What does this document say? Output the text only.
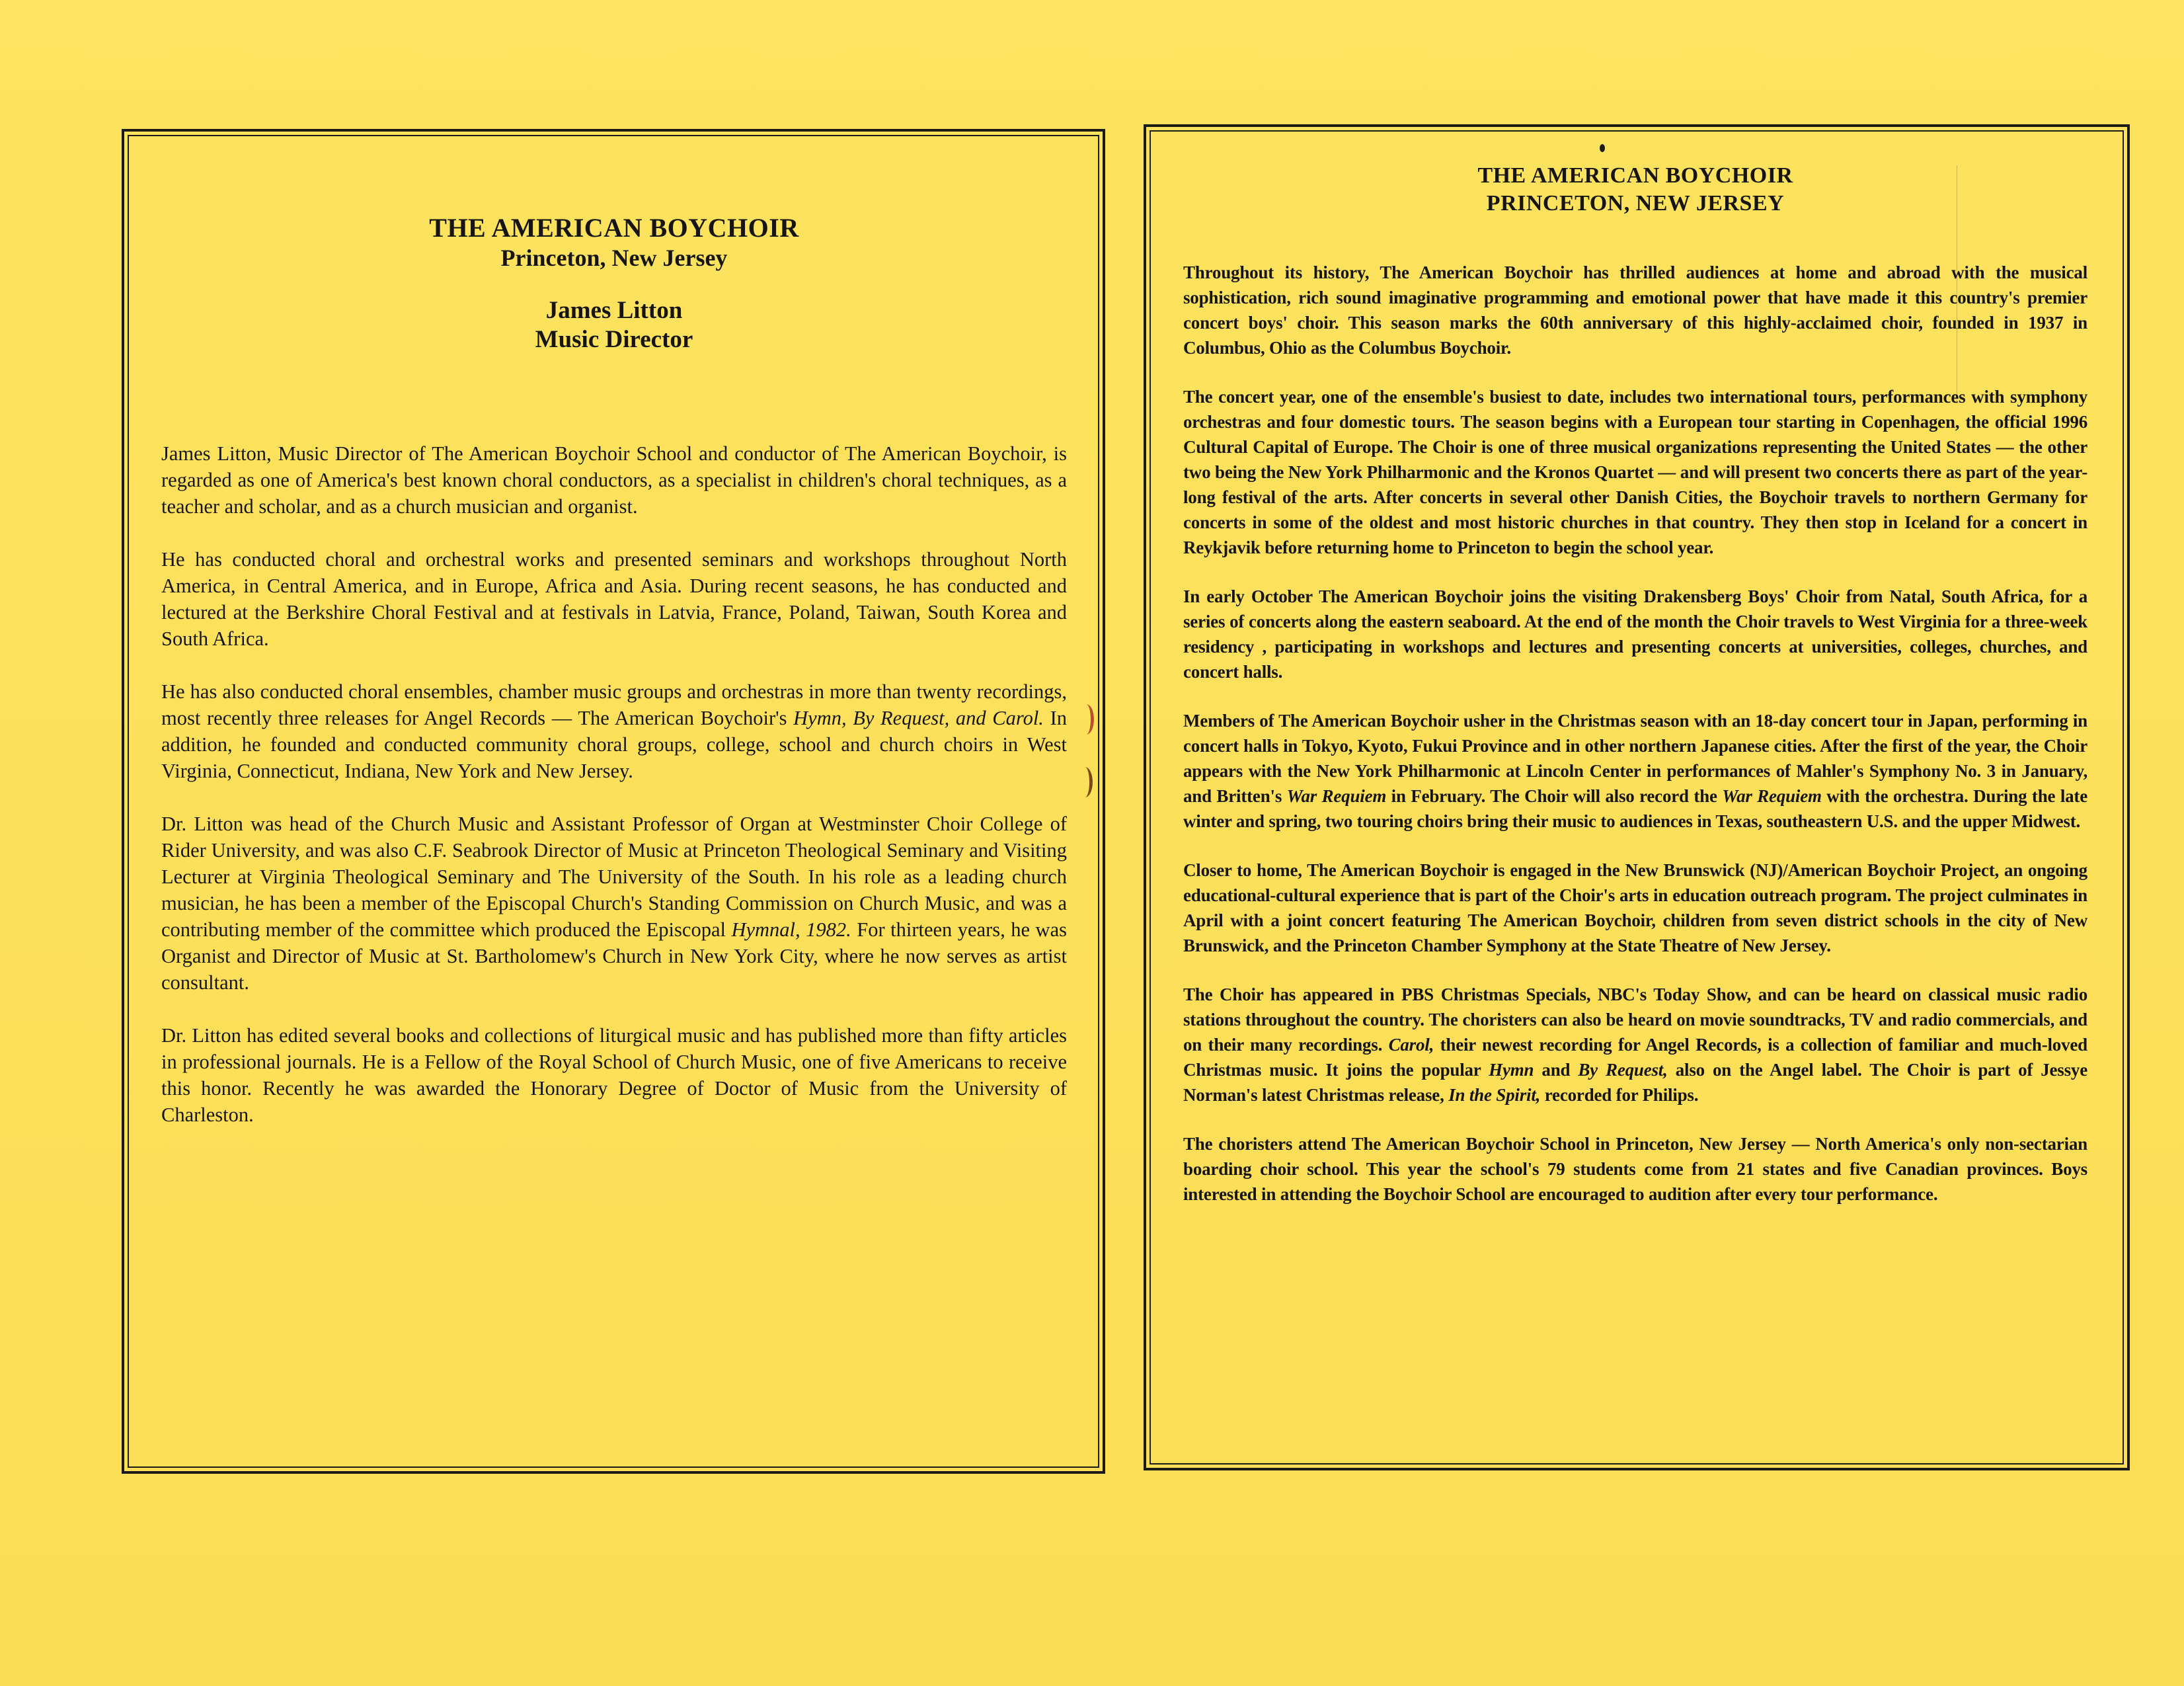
THE AMERICAN BOYCHOIR
Princeton, New Jersey
James Litton
Music Director

James Litton, Music Director of The American Boychoir School and conductor of The American Boychoir, is regarded as one of America's best known choral conductors, as a specialist in children's choral techniques, as a teacher and scholar, and as a church musician and organist.

He has conducted choral and orchestral works and presented seminars and workshops throughout North America, in Central America, and in Europe, Africa and Asia. During recent seasons, he has conducted and lectured at the Berkshire Choral Festival and at festivals in Latvia, France, Poland, Taiwan, South Korea and South Africa.

He has also conducted choral ensembles, chamber music groups and orchestras in more than twenty recordings, most recently three releases for Angel Records — The American Boychoir's Hymn, By Request, and Carol. In addition, he founded and conducted community choral groups, college, school and church choirs in West Virginia, Connecticut, Indiana, New York and New Jersey.

Dr. Litton was head of the Church Music and Assistant Professor of Organ at Westminster Choir College of Rider University, and was also C.F. Seabrook Director of Music at Princeton Theological Seminary and Visiting Lecturer at Virginia Theological Seminary and The University of the South. In his role as a leading church musician, he has been a member of the Episcopal Church's Standing Commission on Church Music, and was a contributing member of the committee which produced the Episcopal Hymnal, 1982. For thirteen years, he was Organist and Director of Music at St. Bartholomew's Church in New York City, where he now serves as artist consultant.

Dr. Litton has edited several books and collections of liturgical music and has published more than fifty articles in professional journals. He is a Fellow of the Royal School of Church Music, one of five Americans to receive this honor. Recently he was awarded the Honorary Degree of Doctor of Music from the University of Charleston.

THE AMERICAN BOYCHOIR
PRINCETON, NEW JERSEY

Throughout its history, The American Boychoir has thrilled audiences at home and abroad with the musical sophistication, rich sound imaginative programming and emotional power that have made it this country's premier concert boys' choir. This season marks the 60th anniversary of this highly-acclaimed choir, founded in 1937 in Columbus, Ohio as the Columbus Boychoir.

The concert year, one of the ensemble's busiest to date, includes two international tours, performances with symphony orchestras and four domestic tours. The season begins with a European tour starting in Copenhagen, the official 1996 Cultural Capital of Europe. The Choir is one of three musical organizations representing the United States — the other two being the New York Philharmonic and the Kronos Quartet — and will present two concerts there as part of the year-long festival of the arts. After concerts in several other Danish Cities, the Boychoir travels to northern Germany for concerts in some of the oldest and most historic churches in that country. They then stop in Iceland for a concert in Reykjavik before returning home to Princeton to begin the school year.

In early October The American Boychoir joins the visiting Drakensberg Boys' Choir from Natal, South Africa, for a series of concerts along the eastern seaboard. At the end of the month the Choir travels to West Virginia for a three-week residency , participating in workshops and lectures and presenting concerts at universities, colleges, churches, and concert halls.

Members of The American Boychoir usher in the Christmas season with an 18-day concert tour in Japan, performing in concert halls in Tokyo, Kyoto, Fukui Province and in other northern Japanese cities. After the first of the year, the Choir appears with the New York Philharmonic at Lincoln Center in performances of Mahler's Symphony No. 3 in January, and Britten's War Requiem in February. The Choir will also record the War Requiem with the orchestra. During the late winter and spring, two touring choirs bring their music to audiences in Texas, southeastern U.S. and the upper Midwest.

Closer to home, The American Boychoir is engaged in the New Brunswick (NJ)/American Boychoir Project, an ongoing educational-cultural experience that is part of the Choir's arts in education outreach program. The project culminates in April with a joint concert featuring The American Boychoir, children from seven district schools in the city of New Brunswick, and the Princeton Chamber Symphony at the State Theatre of New Jersey.

The Choir has appeared in PBS Christmas Specials, NBC's Today Show, and can be heard on classical music radio stations throughout the country. The choristers can also be heard on movie soundtracks, TV and radio commercials, and on their many recordings. Carol, their newest recording for Angel Records, is a collection of familiar and much-loved Christmas music. It joins the popular Hymn and By Request, also on the Angel label. The Choir is part of Jessye Norman's latest Christmas release, In the Spirit, recorded for Philips.

The choristers attend The American Boychoir School in Princeton, New Jersey — North America's only non-sectarian boarding choir school. This year the school's 79 students come from 21 states and five Canadian provinces. Boys interested in attending the Boychoir School are encouraged to audition after every tour performance.
